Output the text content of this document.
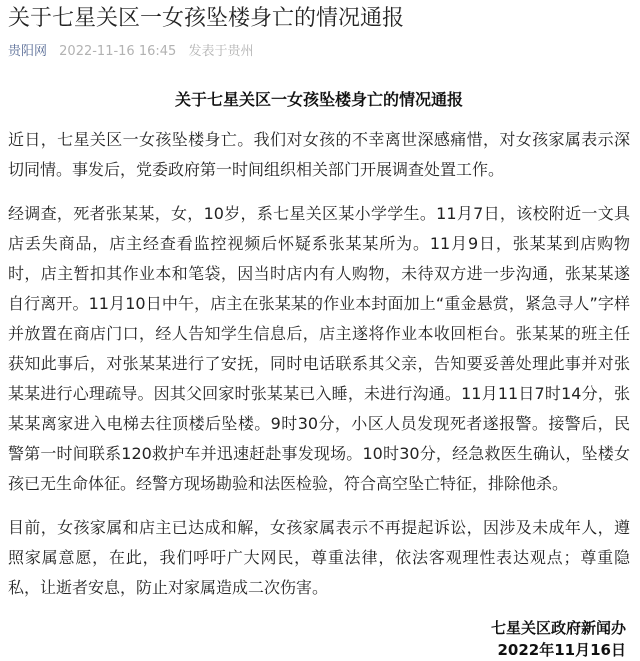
关于七星关区一女孩坠楼身亡的情况通报
贵阳网 2022-11-16 16:45 发表于贵州
关于七星关区一女孩坠楼身亡的情况通报

近日，七星关区一女孩坠楼身亡。我们对女孩的不幸离世深感痛惜，对女孩家属表示深切同情。事发后，党委政府第一时间组织相关部门开展调查处置工作。

经调查，死者张某某，女，10岁，系七星关区某小学学生。11月7日，该校附近一文具店丢失商品，店主经查看监控视频后怀疑系张某某所为。11月9日，张某某到店购物时，店主暂扣其作业本和笔袋，因当时店内有人购物，未待双方进一步沟通，张某某遂自行离开。11月10日中午，店主在张某某的作业本封面加上“重金悬赏，紧急寻人”字样并放置在商店门口，经人告知学生信息后，店主遂将作业本收回柜台。张某某的班主任获知此事后，对张某某进行了安抚，同时电话联系其父亲，告知要妥善处理此事并对张某某进行心理疏导。因其父回家时张某某已入睡，未进行沟通。11月11日7时14分，张某某离家进入电梯去往顶楼后坠楼。9时30分，小区人员发现死者遂报警。接警后，民警第一时间联系120救护车并迅速赶赴事发现场。10时30分，经急救医生确认，坠楼女孩已无生命体征。经警方现场勘验和法医检验，符合高空坠亡特征，排除他杀。

目前，女孩家属和店主已达成和解，女孩家属表示不再提起诉讼，因涉及未成年人，遵照家属意愿，在此，我们呼吁广大网民，尊重法律，依法客观理性表达观点；尊重隐私，让逝者安息，防止对家属造成二次伤害。

七星关区政府新闻办
2022年11月16日
